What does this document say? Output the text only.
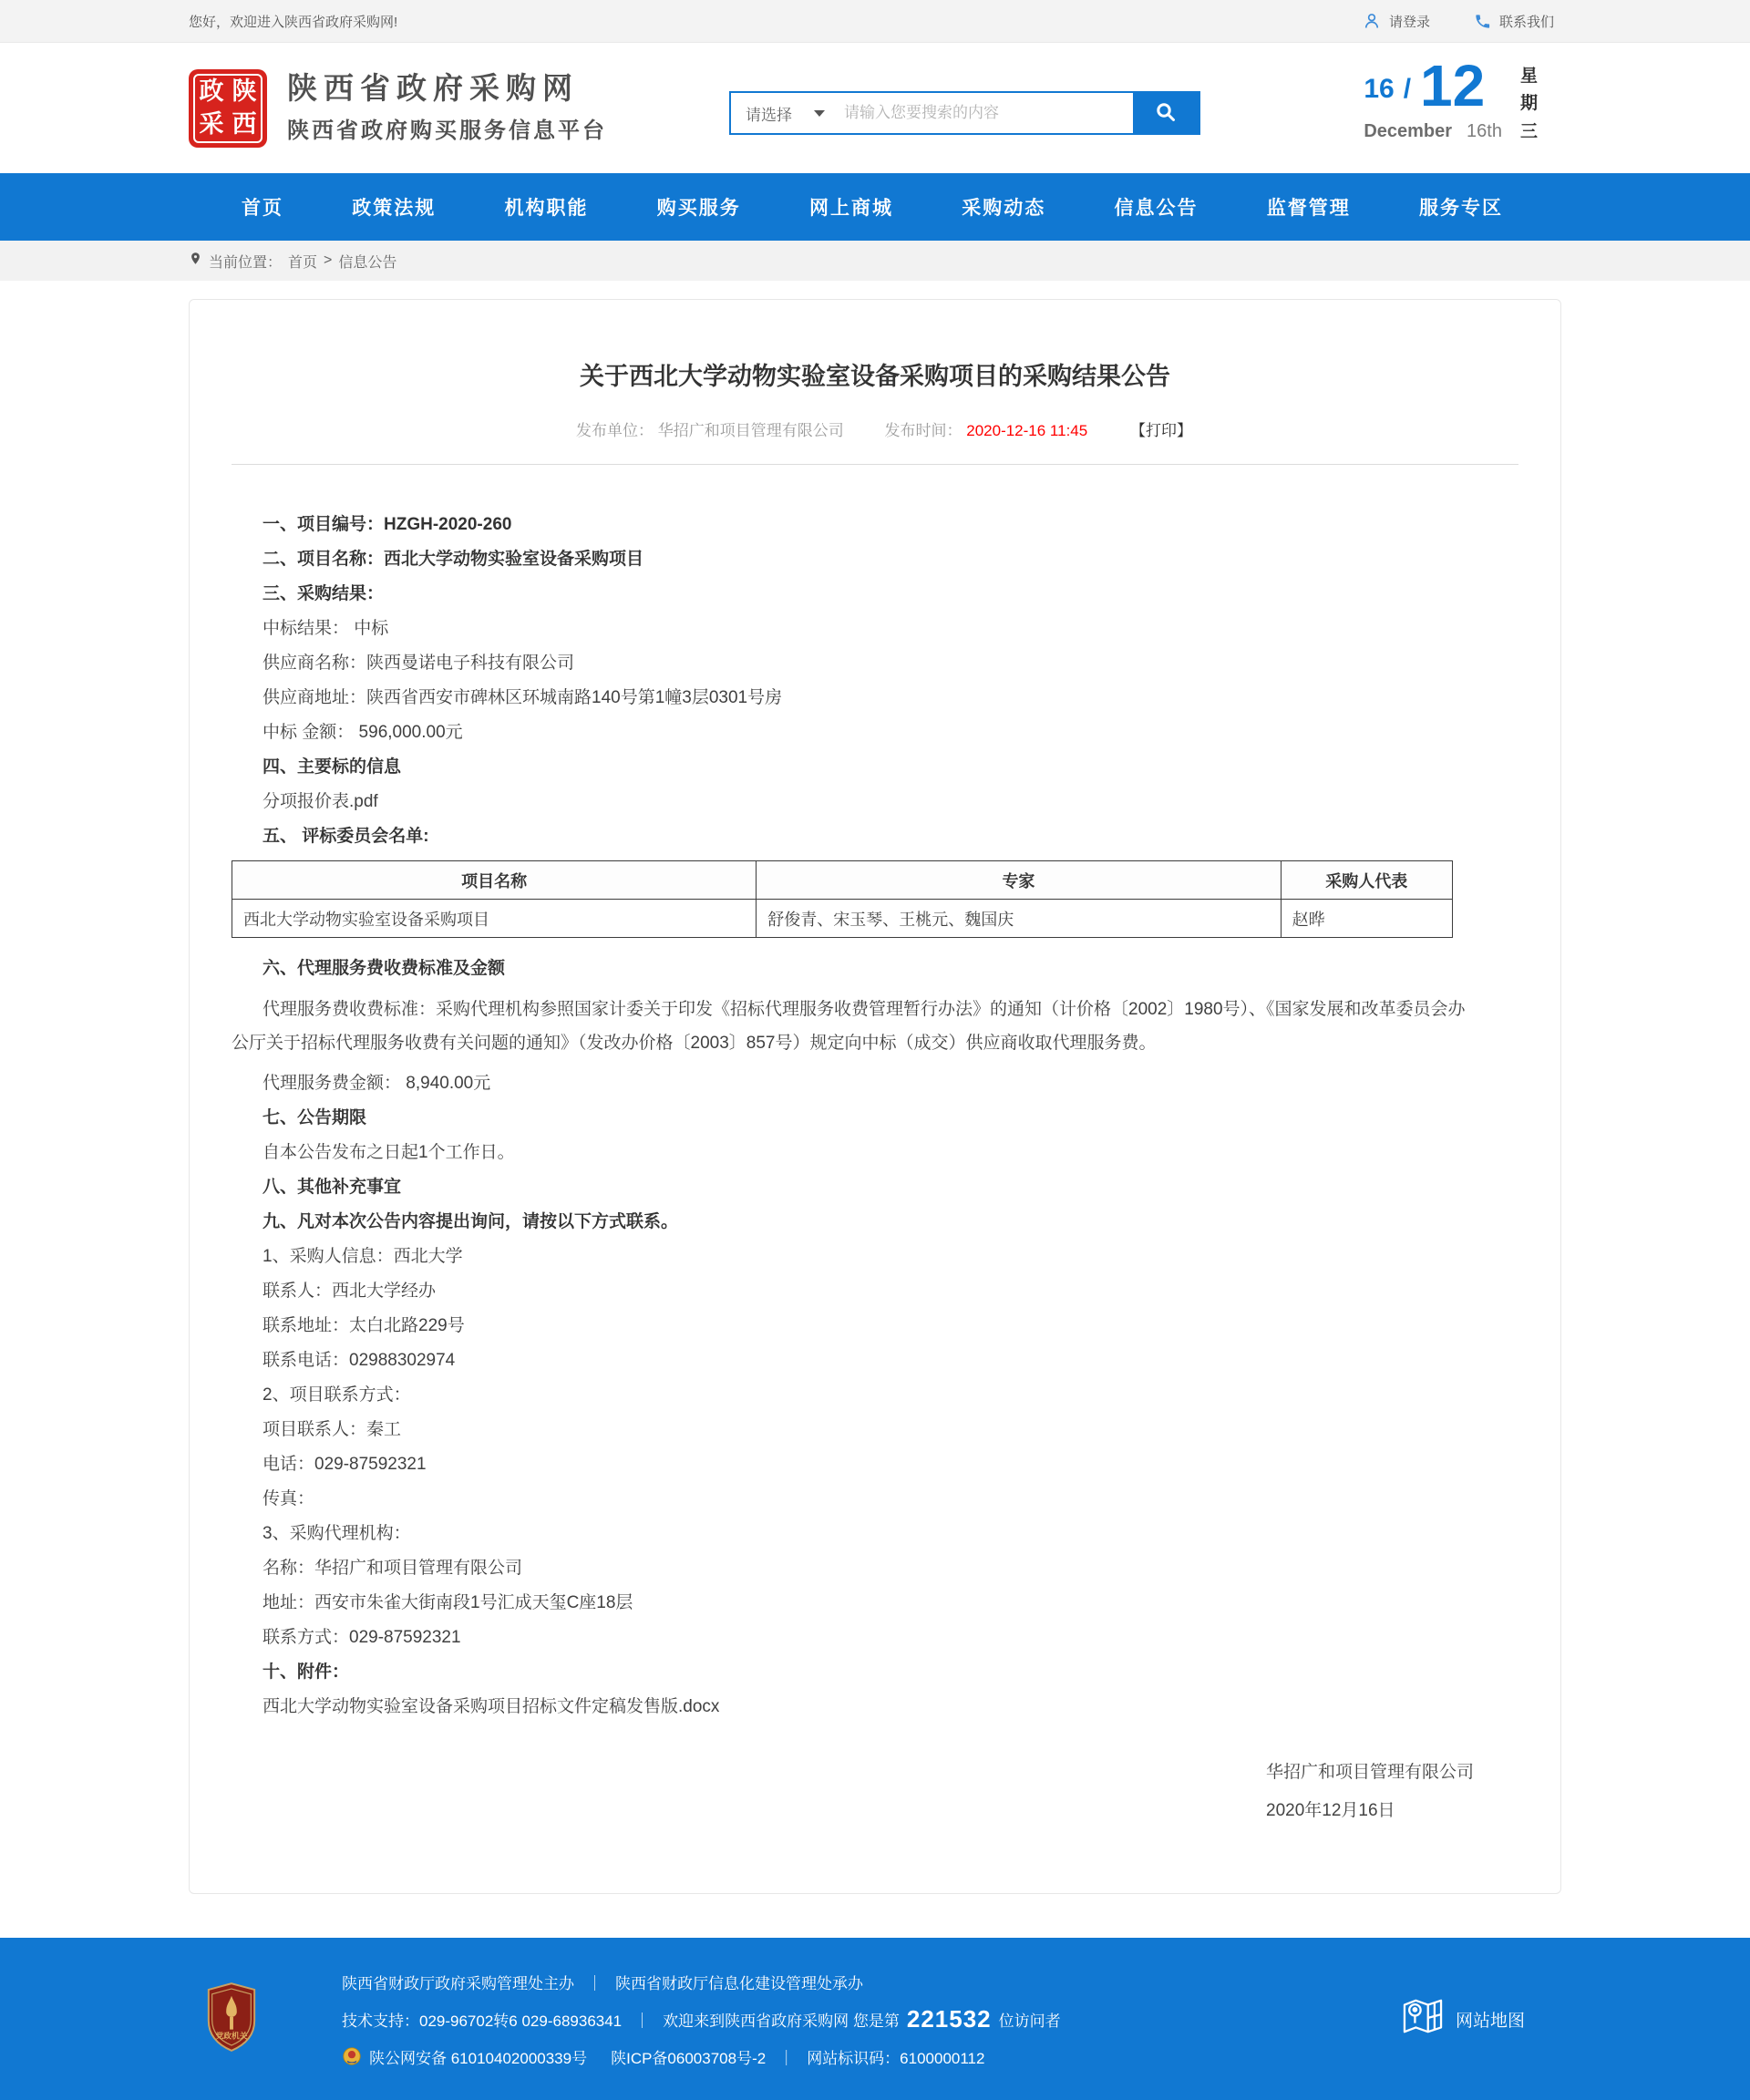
您好，欢迎进入陕西省政府采购网!	请登录	联系我们
政 陕
采 西
陕西省政府采购网
陕西省政府购买服务信息平台
请选择
请输入您要搜索的内容
16 / 12
December 16th
星
期
三
首页	政策法规	机构职能	购买服务	网上商城	采购动态	信息公告	监督管理	服务专区
当前位置： 首页 > 信息公告
关于西北大学动物实验室设备采购项目的采购结果公告
发布单位： 华招广和项目管理有限公司	发布时间： 2020-12-16 11:45	【打印】

一、项目编号：HZGH-2020-260

二、项目名称：西北大学动物实验室设备采购项目

三、采购结果：

中标结果： 中标

供应商名称：陕西曼诺电子科技有限公司

供应商地址：陕西省西安市碑林区环城南路140号第1幢3层0301号房

中标 金额： 596,000.00元

四、主要标的信息

分项报价表.pdf

五、 评标委员会名单:

项目名称	专家	采购人代表
西北大学动物实验室设备采购项目	舒俊青、宋玉琴、王桃元、魏国庆	赵晔

六、代理服务费收费标准及金额

代理服务费收费标准：采购代理机构参照国家计委关于印发《招标代理服务收费管理暂行办法》的通知（计价格〔2002〕1980号）、《国家发展和改革委员会办公厅关于招标代理服务收费有关问题的通知》（发改办价格〔2003〕857号）规定向中标（成交）供应商收取代理服务费。

代理服务费金额： 8,940.00元

七、公告期限

自本公告发布之日起1个工作日。

八、其他补充事宜

九、凡对本次公告内容提出询问，请按以下方式联系。

1、采购人信息：西北大学

联系人：西北大学经办

联系地址：太白北路229号

联系电话：02988302974

2、项目联系方式：

项目联系人：秦工

电话：029-87592321

传真：

3、采购代理机构：

名称：华招广和项目管理有限公司

地址：西安市朱雀大街南段1号汇成天玺C座18层

联系方式：029-87592321

十、附件：

西北大学动物实验室设备采购项目招标文件定稿发售版.docx

华招广和项目管理有限公司
2020年12月16日
党政机关
陕西省财政厅政府采购管理处主办 ｜ 陕西省财政厅信息化建设管理处承办
技术支持：029-96702转6 029-68936341 ｜ 欢迎来到陕西省政府采购网 您是第 221532 位访问者
陕公网安备 61010402000339号 陕ICP备06003708号-2 ｜ 网站标识码：6100000112
网站地图
